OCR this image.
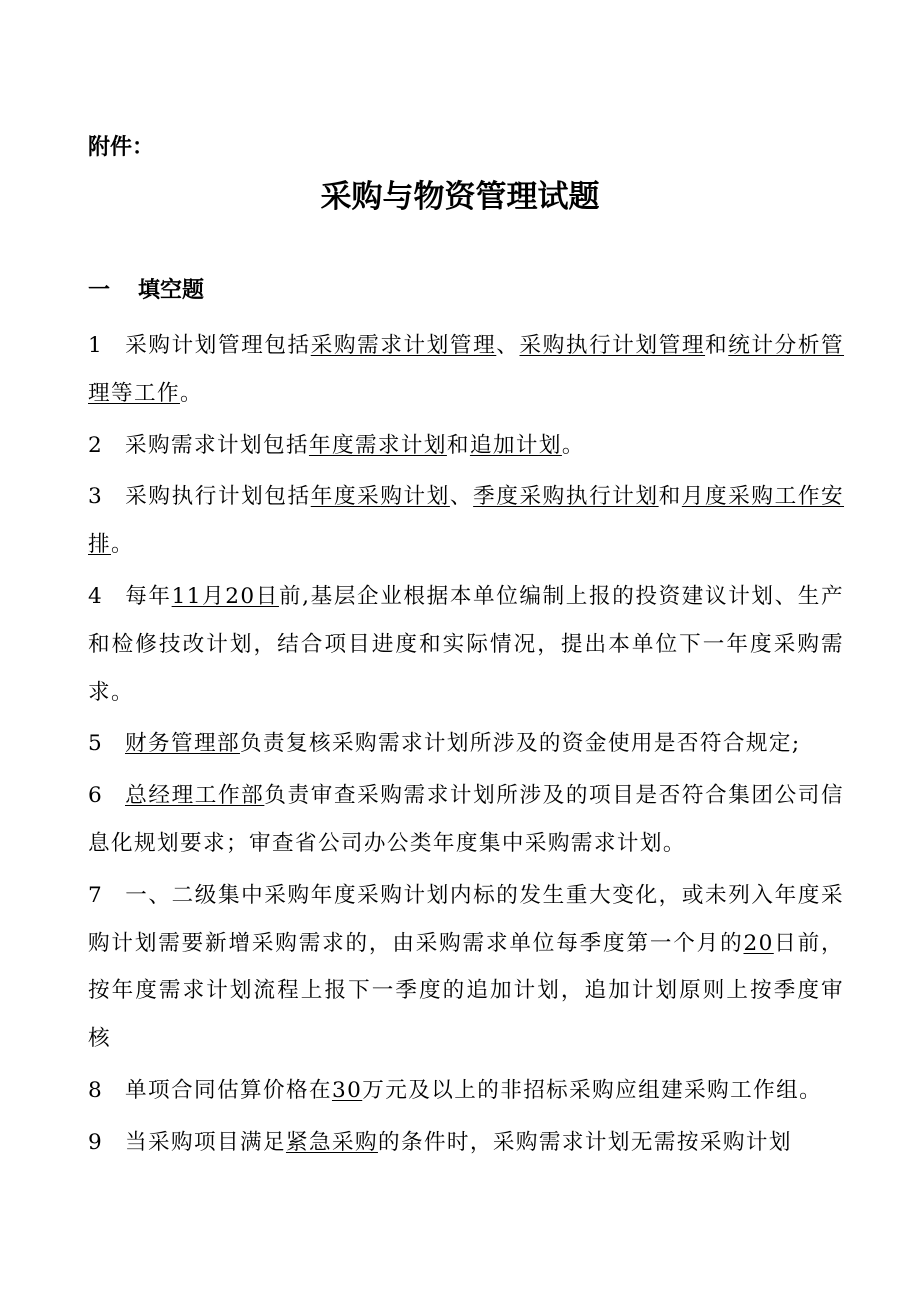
附件：

采购与物资管理试题
一 填空题

1 采购计划管理包括采购需求计划管理、采购执行计划管理和统计分析管理等工作。

2 采购需求计划包括年度需求计划和追加计划。

3 采购执行计划包括年度采购计划、季度采购执行计划和月度采购工作安排。

4 每年11月20日前,基层企业根据本单位编制上报的投资建议计划、生产和检修技改计划，结合项目进度和实际情况，提出本单位下一年度采购需求。

5 财务管理部负责复核采购需求计划所涉及的资金使用是否符合规定;

6 总经理工作部负责审查采购需求计划所涉及的项目是否符合集团公司信息化规划要求；审查省公司办公类年度集中采购需求计划。

7 一、二级集中采购年度采购计划内标的发生重大变化，或未列入年度采购计划需要新增采购需求的，由采购需求单位每季度第一个月的20日前，按年度需求计划流程上报下一季度的追加计划，追加计划原则上按季度审核

8 单项合同估算价格在30万元及以上的非招标采购应组建采购工作组。

9 当采购项目满足紧急采购的条件时，采购需求计划无需按采购计划
